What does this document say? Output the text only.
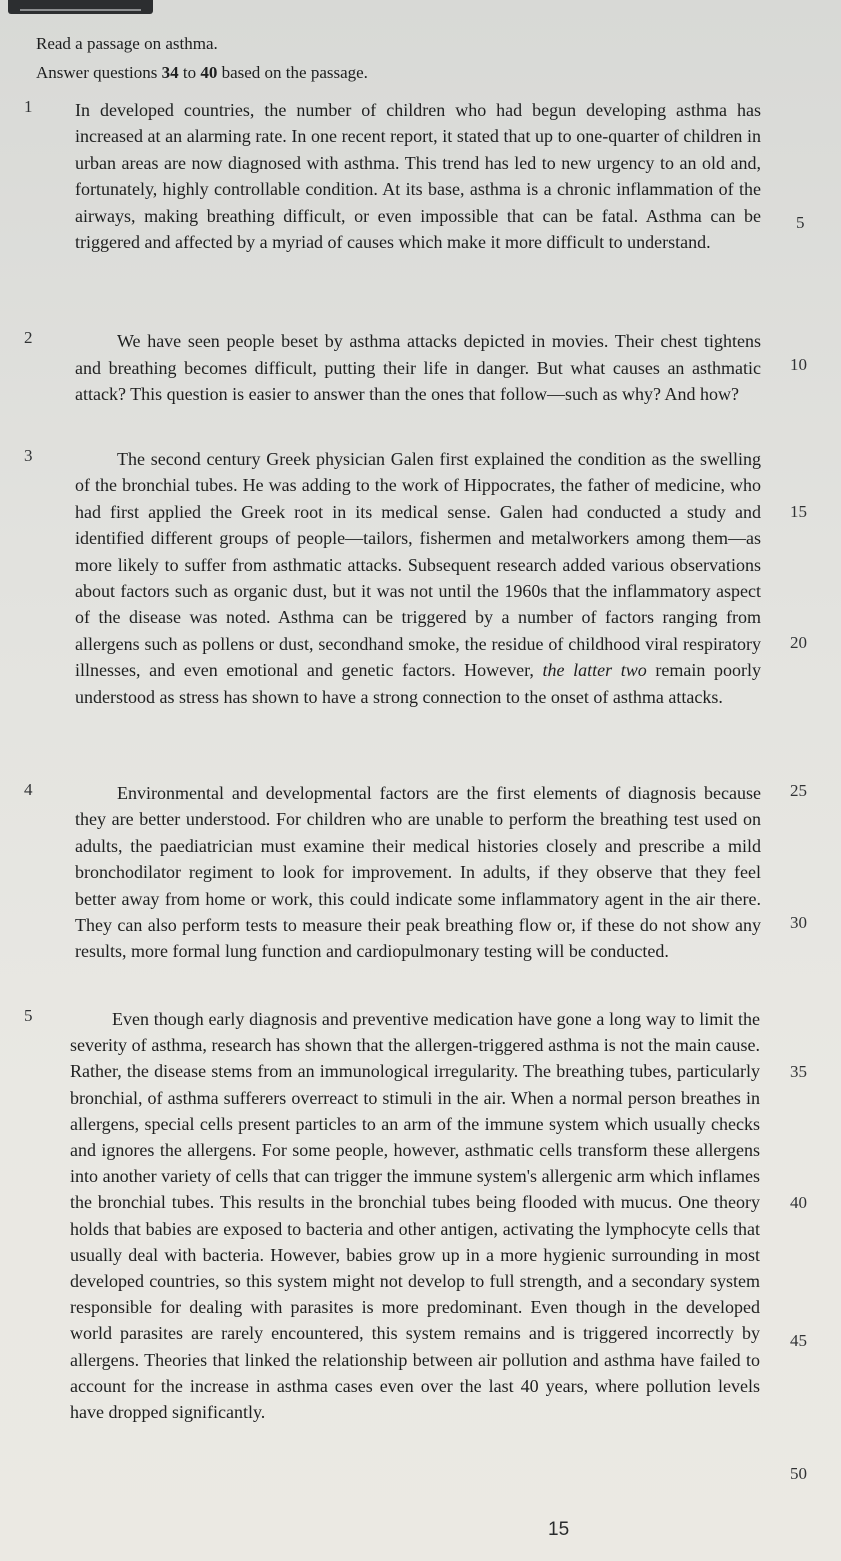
Read a passage on asthma.
Answer questions 34 to 40 based on the passage.
1 In developed countries, the number of children who had begun developing asthma has increased at an alarming rate. In one recent report, it stated that up to one-quarter of children in urban areas are now diagnosed with asthma. This trend has led to new urgency to an old and, fortunately, highly controllable condition. At its base, asthma is a chronic inflammation of the airways, making breathing difficult, or even impossible that can be fatal. Asthma can be triggered and affected by a myriad of causes which make it more difficult to understand.

2	We have seen people beset by asthma attacks depicted in movies. Their chest tightens and breathing becomes difficult, putting their life in danger. But what causes an asthmatic attack? This question is easier to answer than the ones that follow—such as why? And how?

3	The second century Greek physician Galen first explained the condition as the swelling of the bronchial tubes. He was adding to the work of Hippocrates, the father of medicine, who had first applied the Greek root in its medical sense. Galen had conducted a study and identified different groups of people—tailors, fishermen and metalworkers among them—as more likely to suffer from asthmatic attacks. Subsequent research added various observations about factors such as organic dust, but it was not until the 1960s that the inflammatory aspect of the disease was noted. Asthma can be triggered by a number of factors ranging from allergens such as pollens or dust, secondhand smoke, the residue of childhood viral respiratory illnesses, and even emotional and genetic factors. However, the latter two remain poorly understood as stress has shown to have a strong connection to the onset of asthma attacks.

4	Environmental and developmental factors are the first elements of diagnosis because they are better understood. For children who are unable to perform the breathing test used on adults, the paediatrician must examine their medical histories closely and prescribe a mild bronchodilator regiment to look for improvement. In adults, if they observe that they feel better away from home or work, this could indicate some inflammatory agent in the air there. They can also perform tests to measure their peak breathing flow or, if these do not show any results, more formal lung function and cardiopulmonary testing will be conducted.

5	Even though early diagnosis and preventive medication have gone a long way to limit the severity of asthma, research has shown that the allergen-triggered asthma is not the main cause. Rather, the disease stems from an immunological irregularity. The breathing tubes, particularly bronchial, of asthma sufferers overreact to stimuli in the air. When a normal person breathes in allergens, special cells present particles to an arm of the immune system which usually checks and ignores the allergens. For some people, however, asthmatic cells transform these allergens into another variety of cells that can trigger the immune system's allergenic arm which inflames the bronchial tubes. This results in the bronchial tubes being flooded with mucus. One theory holds that babies are exposed to bacteria and other antigen, activating the lymphocyte cells that usually deal with bacteria. However, babies grow up in a more hygienic surrounding in most developed countries, so this system might not develop to full strength, and a secondary system responsible for dealing with parasites is more predominant. Even though in the developed world parasites are rarely encountered, this system remains and is triggered incorrectly by allergens. Theories that linked the relationship between air pollution and asthma have failed to account for the increase in asthma cases even over the last 40 years, where pollution levels have dropped significantly.

5
10
15
20
25
30
35
40
45
50
15
